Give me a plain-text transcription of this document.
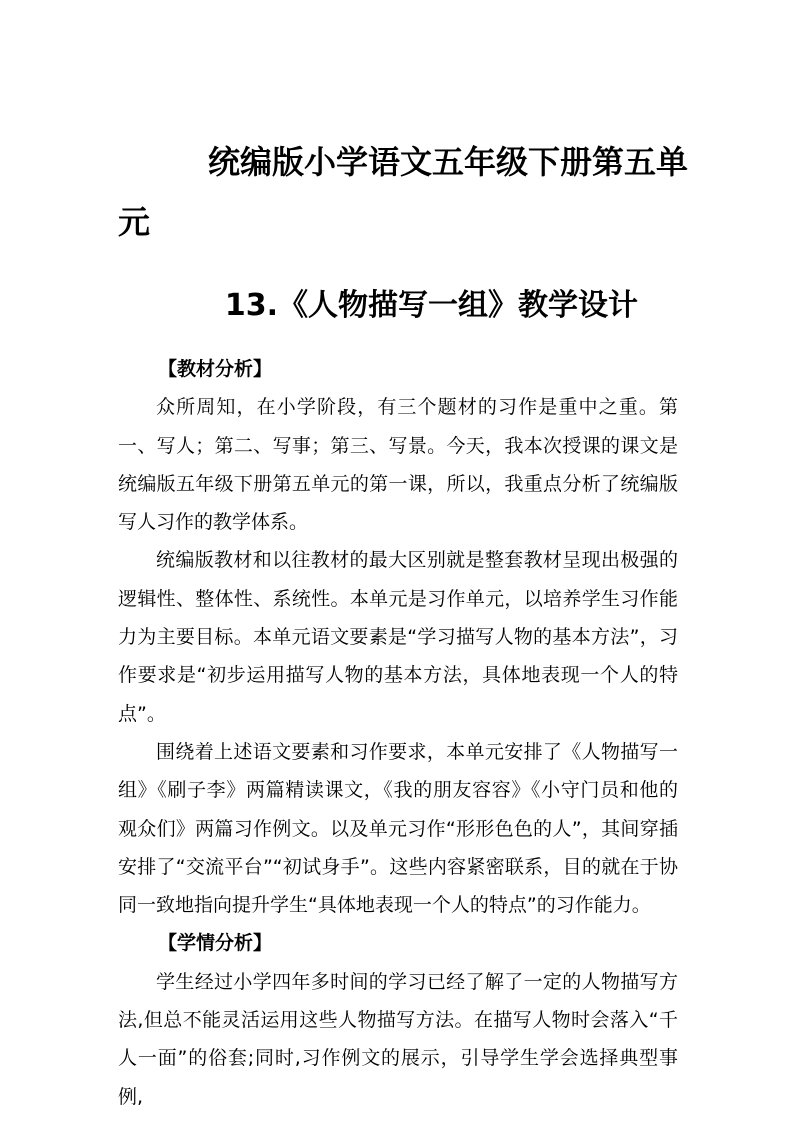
统编版小学语文五年级下册第五单元
13.《人物描写一组》教学设计

【教材分析】

众所周知，在小学阶段，有三个题材的习作是重中之重。第一、写人；第二、写事；第三、写景。今天，我本次授课的课文是统编版五年级下册第五单元的第一课，所以，我重点分析了统编版写人习作的教学体系。

统编版教材和以往教材的最大区别就是整套教材呈现出极强的逻辑性、整体性、系统性。本单元是习作单元，以培养学生习作能力为主要目标。本单元语文要素是“学习描写人物的基本方法”，习作要求是“初步运用描写人物的基本方法，具体地表现一个人的特点”。

围绕着上述语文要素和习作要求，本单元安排了《人物描写一组》《刷子李》两篇精读课文，《我的朋友容容》《小守门员和他的观众们》两篇习作例文。以及单元习作“形形色色的人”，其间穿插安排了“交流平台”“初试身手”。这些内容紧密联系，目的就在于协同一致地指向提升学生“具体地表现一个人的特点”的习作能力。

【学情分析】

学生经过小学四年多时间的学习已经了解了一定的人物描写方法,但总不能灵活运用这些人物描写方法。在描写人物时会落入“千人一面”的俗套;同时,习作例文的展示，引导学生学会选择典型事例,
